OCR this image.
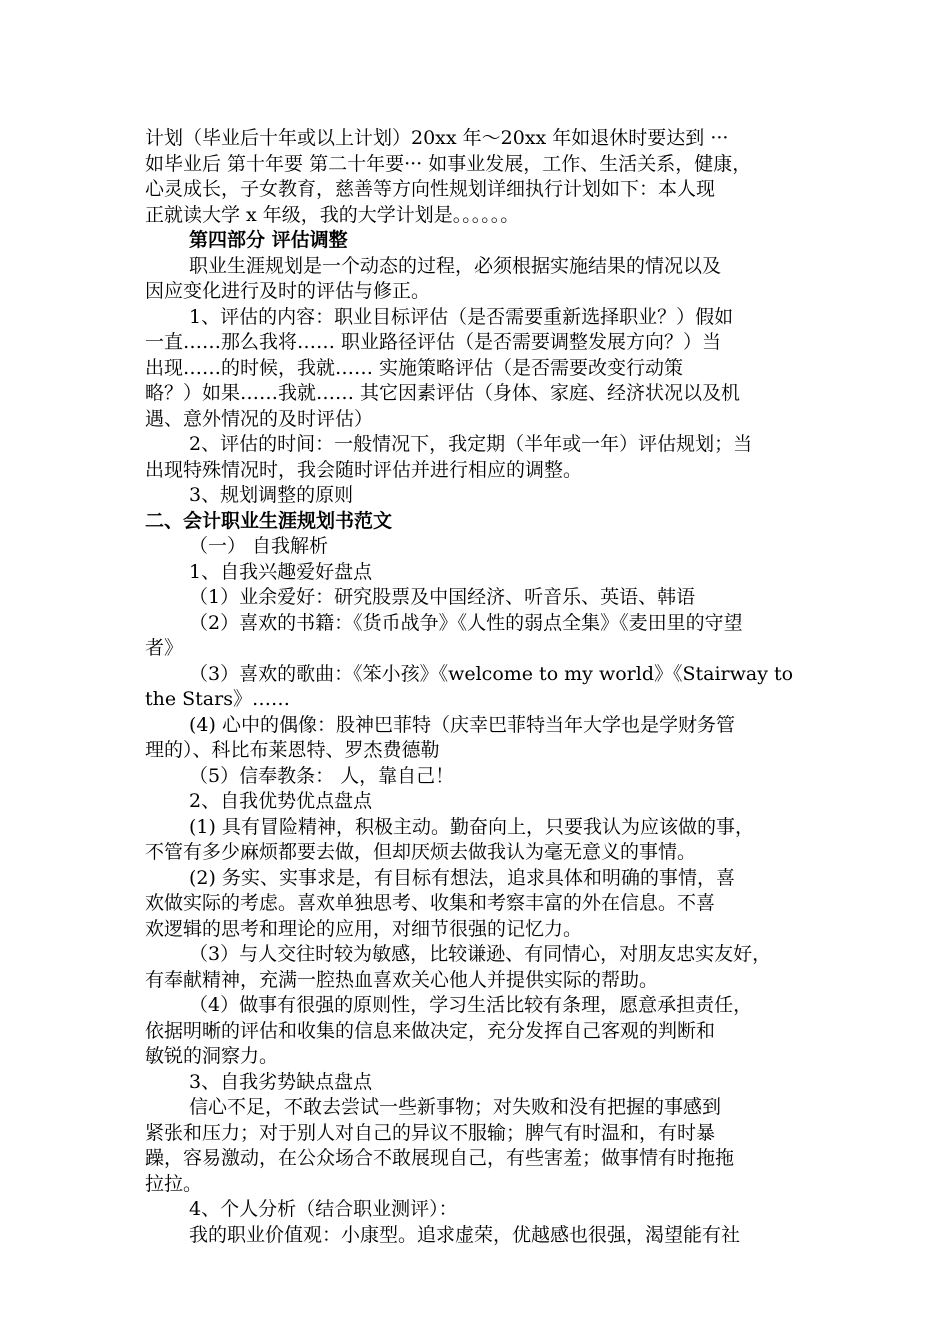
计划（毕业后十年或以上计划）20xx 年～20xx 年如退休时要达到 ···
如毕业后 第十年要 第二十年要··· 如事业发展，工作、生活关系，健康，
心灵成长，子女教育，慈善等方向性规划详细执行计划如下：本人现
正就读大学 x 年级，我的大学计划是。。。。。。
第四部分 评估调整
职业生涯规划是一个动态的过程，必须根据实施结果的情况以及
因应变化进行及时的评估与修正。
1、评估的内容：职业目标评估（是否需要重新选择职业？）假如
一直……那么我将…… 职业路径评估（是否需要调整发展方向？）当
出现……的时候，我就…… 实施策略评估（是否需要改变行动策
略？）如果……我就…… 其它因素评估（身体、家庭、经济状况以及机
遇、意外情况的及时评估）
2、评估的时间：一般情况下，我定期（半年或一年）评估规划；当
出现特殊情况时，我会随时评估并进行相应的调整。
3、规划调整的原则
二、会计职业生涯规划书范文
（一） 自我解析
1、自我兴趣爱好盘点
（1）业余爱好：研究股票及中国经济、听音乐、英语、韩语
（2）喜欢的书籍：《货币战争》《人性的弱点全集》《麦田里的守望
者》
（3）喜欢的歌曲：《笨小孩》《welcome to my world》《Stairway to
the Stars》……
(4) 心中的偶像：股神巴菲特（庆幸巴菲特当年大学也是学财务管
理的）、科比布莱恩特、罗杰费德勒
（5）信奉教条： 人，靠自己！
2、自我优势优点盘点
(1) 具有冒险精神，积极主动。勤奋向上，只要我认为应该做的事，
不管有多少麻烦都要去做，但却厌烦去做我认为毫无意义的事情。
(2) 务实、实事求是，有目标有想法，追求具体和明确的事情，喜
欢做实际的考虑。喜欢单独思考、收集和考察丰富的外在信息。不喜
欢逻辑的思考和理论的应用，对细节很强的记忆力。
（3）与人交往时较为敏感，比较谦逊、有同情心，对朋友忠实友好，
有奉献精神，充满一腔热血喜欢关心他人并提供实际的帮助。
（4）做事有很强的原则性，学习生活比较有条理，愿意承担责任，
依据明晰的评估和收集的信息来做决定，充分发挥自己客观的判断和
敏锐的洞察力。
3、自我劣势缺点盘点
信心不足，不敢去尝试一些新事物；对失败和没有把握的事感到
紧张和压力；对于别人对自己的异议不服输；脾气有时温和，有时暴
躁，容易激动，在公众场合不敢展现自己，有些害羞；做事情有时拖拖
拉拉。
4、个人分析（结合职业测评）：
我的职业价值观：小康型。追求虚荣，优越感也很强，渴望能有社
